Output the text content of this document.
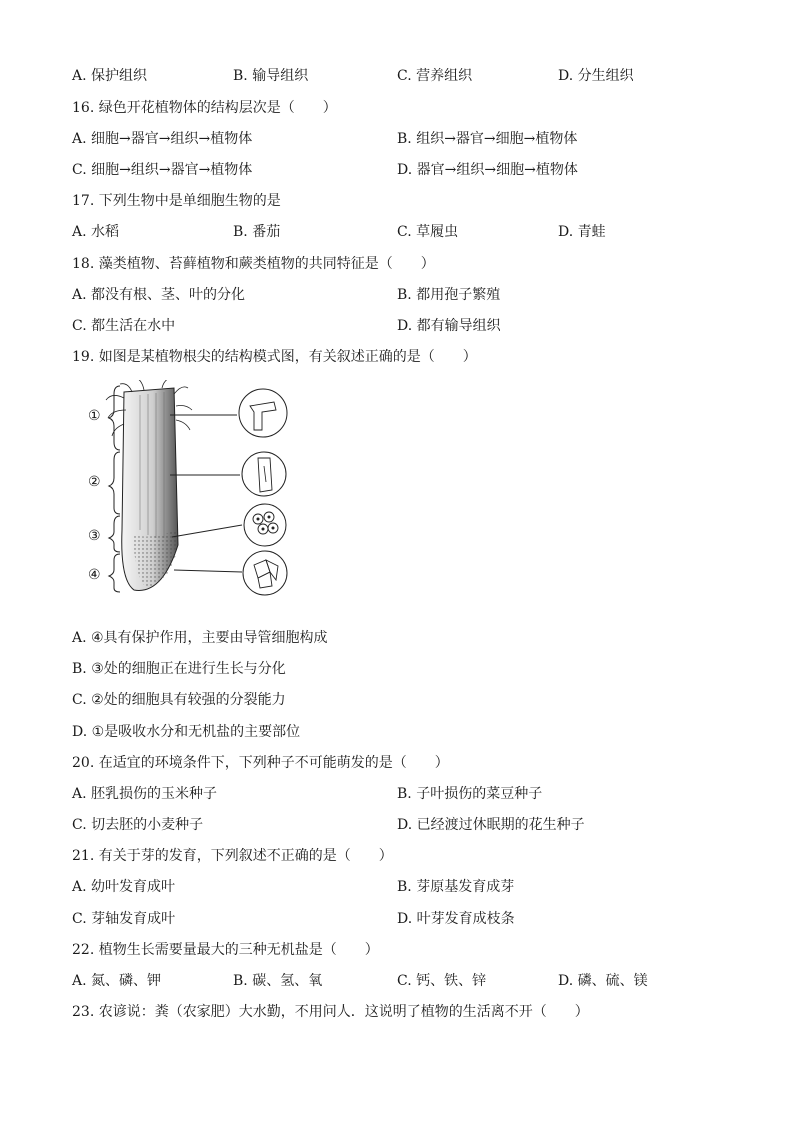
A. 保护组织	B. 输导组织	C. 营养组织	D. 分生组织
16. 绿色开花植物体的结构层次是（　　）
A. 细胞→器官→组织→植物体	B. 组织→器官→细胞→植物体
C. 细胞→组织→器官→植物体	D. 器官→组织→细胞→植物体
17. 下列生物中是单细胞生物的是
A. 水稻	B. 番茄	C. 草履虫	D. 青蛙
18. 藻类植物、苔藓植物和蕨类植物的共同特征是（　　）
A. 都没有根、茎、叶的分化	B. 都用孢子繁殖
C. 都生活在水中	D. 都有输导组织
19. 如图是某植物根尖的结构模式图，有关叙述正确的是（　　）
①
②
③
④
A. ④具有保护作用，主要由导管细胞构成
B. ③处的细胞正在进行生长与分化
C. ②处的细胞具有较强的分裂能力
D. ①是吸收水分和无机盐的主要部位
20. 在适宜的环境条件下，下列种子不可能萌发的是（　　）
A. 胚乳损伤的玉米种子	B. 子叶损伤的菜豆种子
C. 切去胚的小麦种子	D. 已经渡过休眠期的花生种子
21. 有关于芽的发育，下列叙述不正确的是（　　）
A. 幼叶发育成叶	B. 芽原基发育成芽
C. 芽轴发育成叶	D. 叶芽发育成枝条
22. 植物生长需要量最大的三种无机盐是（　　）
A. 氮、磷、钾	B. 碳、氢、氧	C. 钙、铁、锌	D. 磷、硫、镁
23. 农谚说：粪（农家肥）大水勤，不用问人．这说明了植物的生活离不开（　　）
